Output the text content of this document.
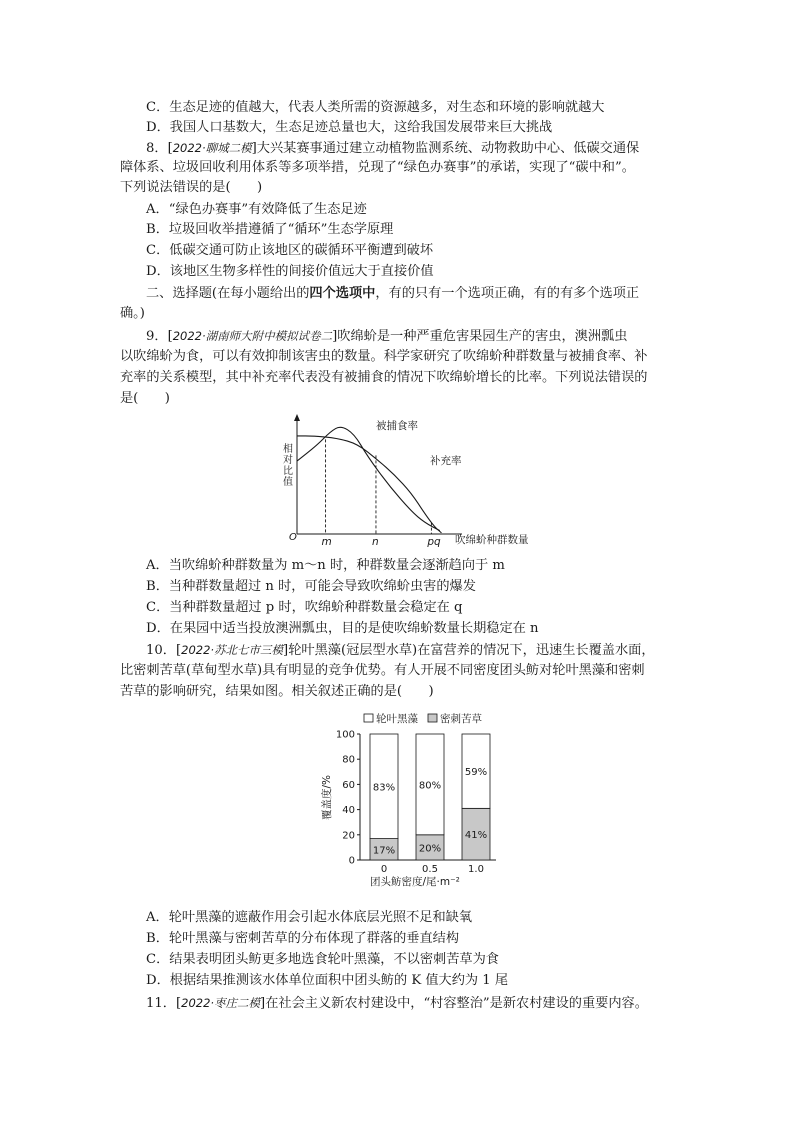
C．生态足迹的值越大，代表人类所需的资源越多，对生态和环境的影响就越大
D．我国人口基数大，生态足迹总量也大，这给我国发展带来巨大挑战
8．[2022·聊城二模]大兴某赛事通过建立动植物监测系统、动物救助中心、低碳交通保
障体系、垃圾回收利用体系等多项举措，兑现了“绿色办赛事”的承诺，实现了“碳中和”。
下列说法错误的是(　　)
A．“绿色办赛事”有效降低了生态足迹
B．垃圾回收举措遵循了“循环”生态学原理
C．低碳交通可防止该地区的碳循环平衡遭到破坏
D．该地区生物多样性的间接价值远大于直接价值
二、选择题(在每小题给出的四个选项中，有的只有一个选项正确，有的有多个选项正
确。)
9．[2022·湖南师大附中模拟试卷二]吹绵蚧是一种严重危害果园生产的害虫，澳洲瓢虫
以吹绵蚧为食，可以有效抑制该害虫的数量。科学家研究了吹绵蚧种群数量与被捕食率、补
充率的关系模型，其中补充率代表没有被捕食的情况下吹绵蚧增长的比率。下列说法错误的
是(　　)
O	吹绵蚧种群数量
m	n	pq
被捕食率
补充率
相
对
比
值
A．当吹绵蚧种群数量为 m～n 时，种群数量会逐渐趋向于 m
B．当种群数量超过 n 时，可能会导致吹绵蚧虫害的爆发
C．当种群数量超过 p 时，吹绵蚧种群数量会稳定在 q
D．在果园中适当投放澳洲瓢虫，目的是使吹绵蚧数量长期稳定在 n
10．[2022·苏北七市三模]轮叶黑藻(冠层型水草)在富营养的情况下，迅速生长覆盖水面，
比密刺苦草(草甸型水草)具有明显的竞争优势。有人开展不同密度团头鲂对轮叶黑藻和密刺
苦草的影响研究，结果如图。相关叙述正确的是(　　)
轮叶黑藻 密刺苦草
0
20
40
60
80
100
17%
83%
20%
80%
41%
59%
0	0.5	1.0
覆盖度/%
团头鲂密度/尾·m⁻²
A．轮叶黑藻的遮蔽作用会引起水体底层光照不足和缺氧
B．轮叶黑藻与密刺苦草的分布体现了群落的垂直结构
C．结果表明团头鲂更多地选食轮叶黑藻，不以密刺苦草为食
D．根据结果推测该水体单位面积中团头鲂的 K 值大约为 1 尾
11．[2022·枣庄二模]在社会主义新农村建设中，“村容整治”是新农村建设的重要内容。
